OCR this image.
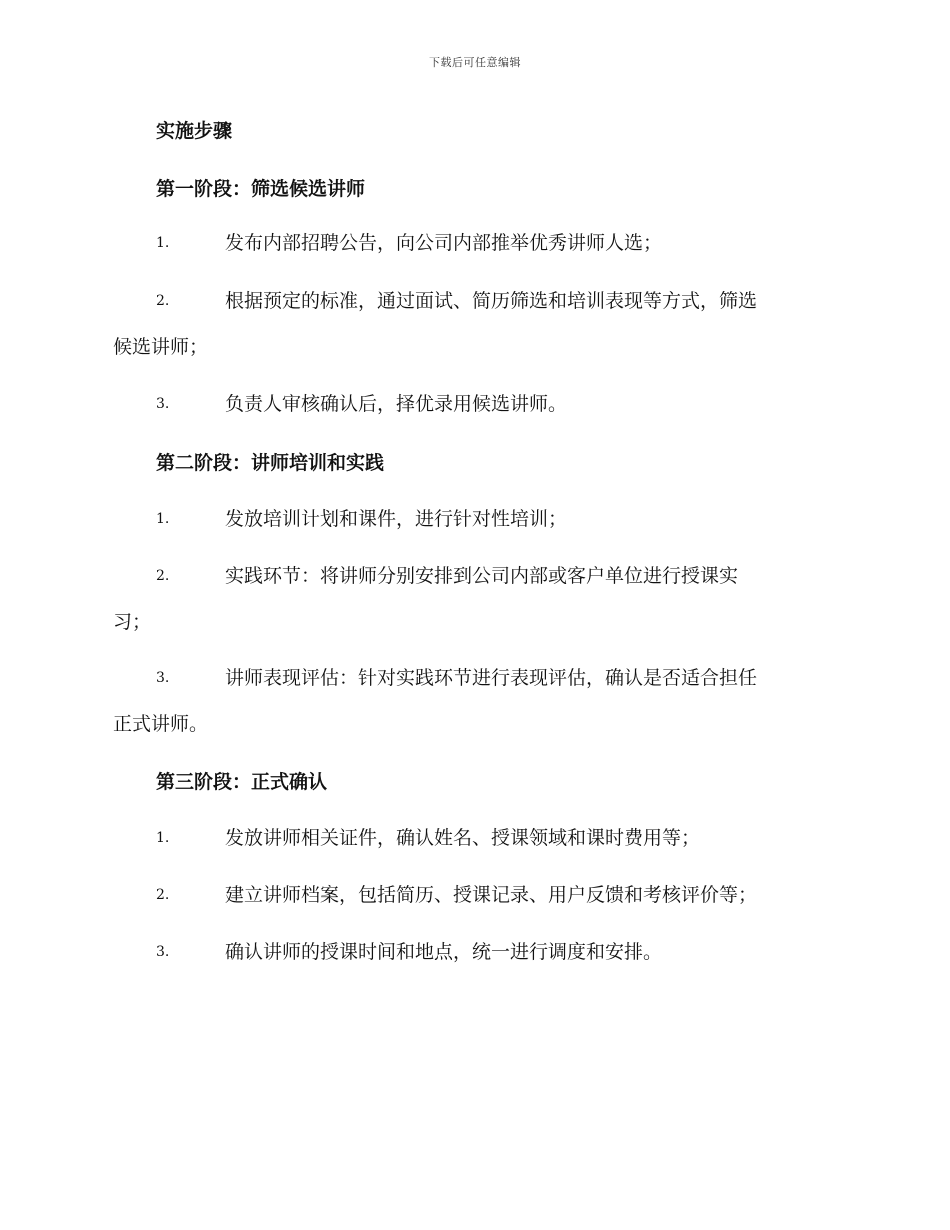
下载后可任意编辑
实施步骤
第一阶段：筛选候选讲师
1.	发布内部招聘公告，向公司内部推举优秀讲师人选；
2.	根据预定的标准，通过面试、简历筛选和培训表现等方式，筛选
候选讲师；
3.	负责人审核确认后，择优录用候选讲师。
第二阶段：讲师培训和实践
1.	发放培训计划和课件，进行针对性培训；
2.	实践环节：将讲师分别安排到公司内部或客户单位进行授课实
习；
3.	讲师表现评估：针对实践环节进行表现评估，确认是否适合担任
正式讲师。
第三阶段：正式确认
1.	发放讲师相关证件，确认姓名、授课领域和课时费用等；
2.	建立讲师档案，包括简历、授课记录、用户反馈和考核评价等；
3.	确认讲师的授课时间和地点，统一进行调度和安排。
